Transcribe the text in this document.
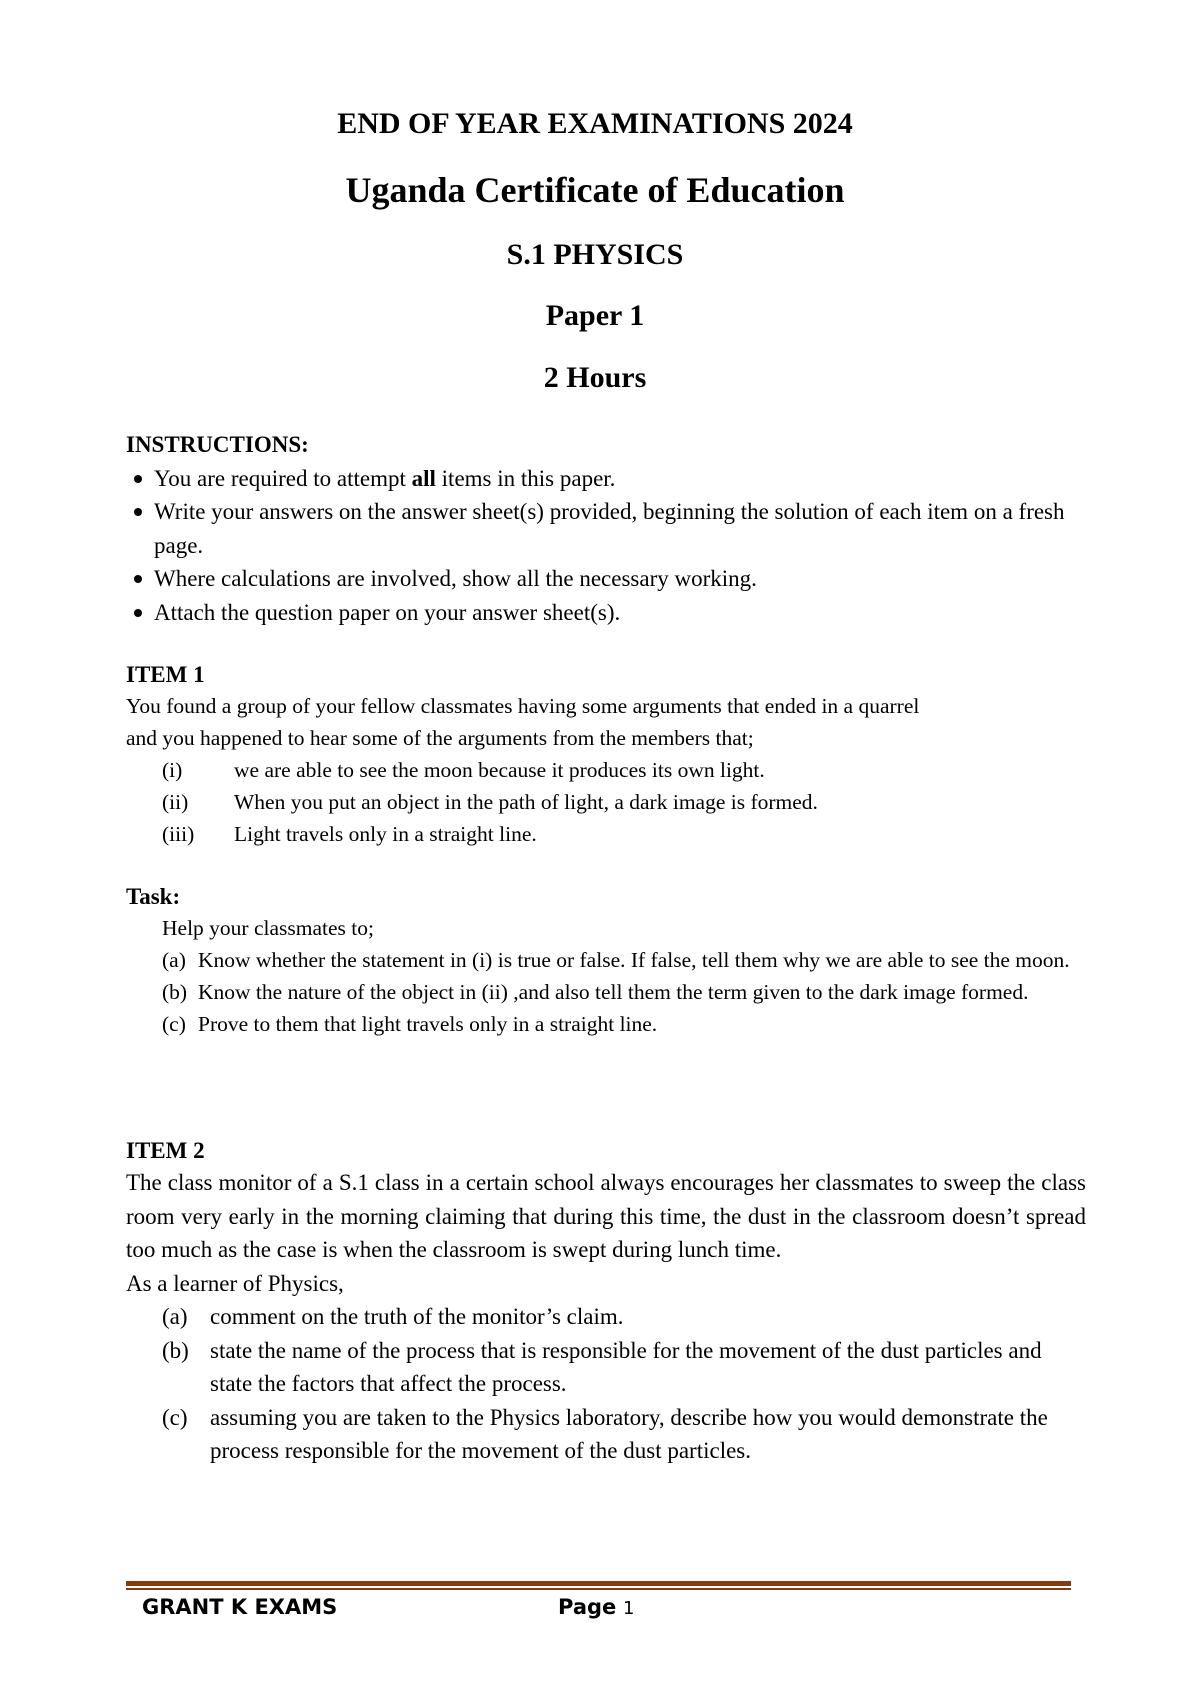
END OF YEAR EXAMINATIONS 2024
Uganda Certificate of Education
S.1 PHYSICS
Paper 1
2 Hours
INSTRUCTIONS:
You are required to attempt all items in this paper.
Write your answers on the answer sheet(s) provided, beginning the solution of each item on a fresh page.
Where calculations are involved, show all the necessary working.
Attach the question paper on your answer sheet(s).
ITEM 1
You found a group of your fellow classmates having some arguments that ended in a quarrel
and you happened to hear some of the arguments from the members that;
(i)	we are able to see the moon because it produces its own light.
(ii)	When you put an object in the path of light, a dark image is formed.
(iii)	Light travels only in a straight line.
Task:
Help your classmates to;
(a) Know whether the statement in (i) is true or false. If false, tell them why we are able to see the moon.
(b) Know the nature of the object in (ii) ,and also tell them the term given to the dark image formed.
(c) Prove to them that light travels only in a straight line.
ITEM 2
The class monitor of a S.1 class in a certain school always encourages her classmates to sweep the class room very early in the morning claiming that during this time, the dust in the classroom doesn’t spread too much as the case is when the classroom is swept during lunch time.
As a learner of Physics,
(a) comment on the truth of the monitor’s claim.
(b) state the name of the process that is responsible for the movement of the dust particles and state the factors that affect the process.
(c) assuming you are taken to the Physics laboratory, describe how you would demonstrate the process responsible for the movement of the dust particles.
GRANT K EXAMS	Page 1
